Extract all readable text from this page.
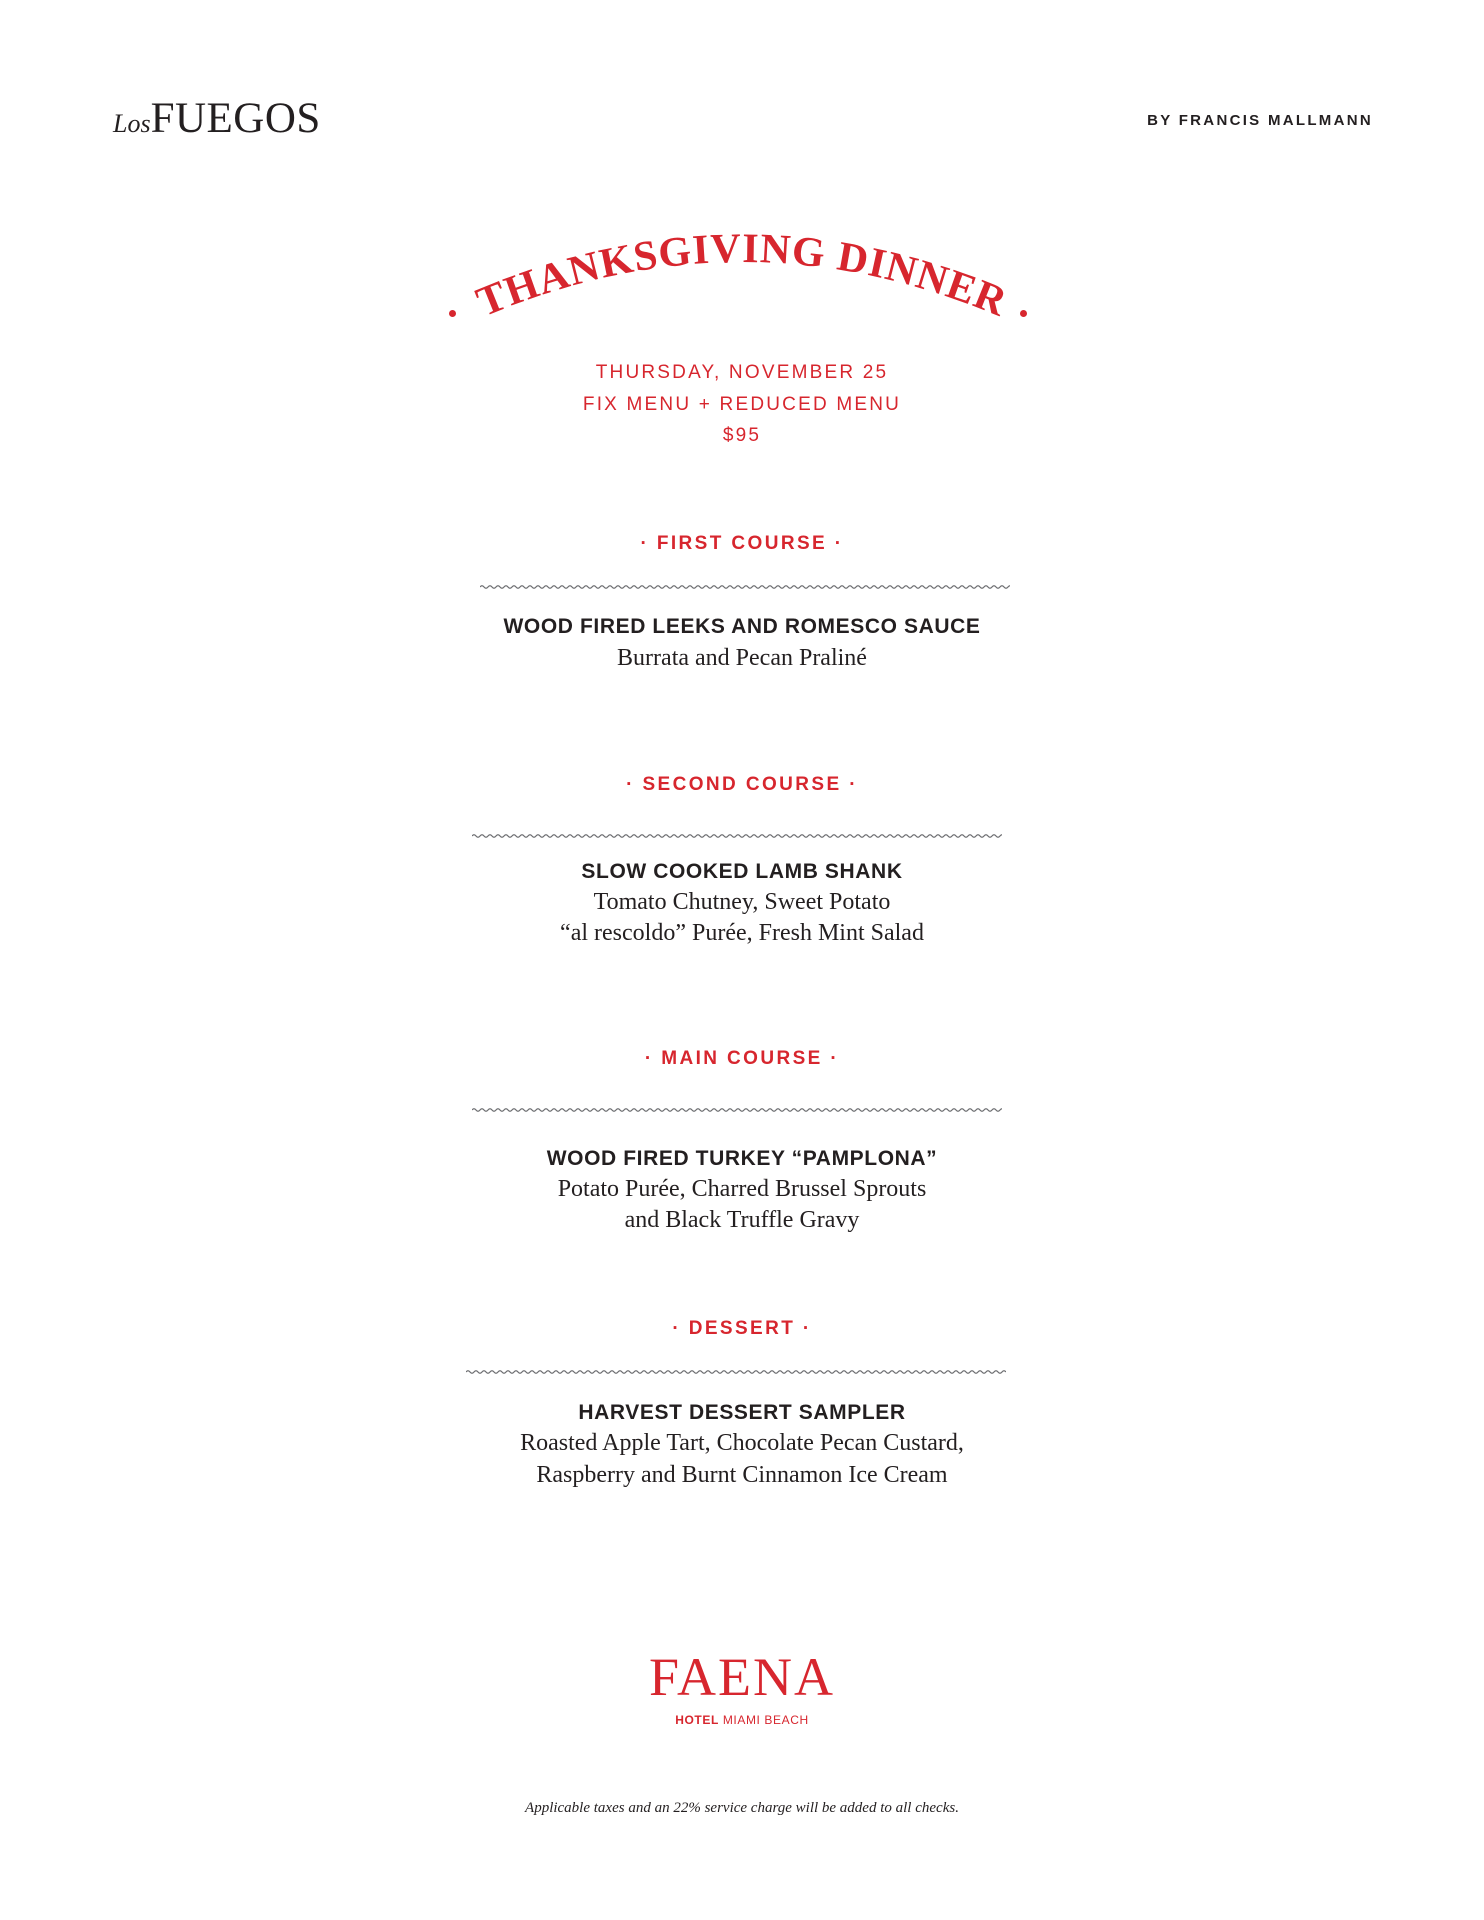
LosFUEGOS	BY FRANCIS MALLMANN
THANKSGIVING DINNER
THURSDAY, NOVEMBER 25
FIX MENU + REDUCED MENU
$95
· FIRST COURSE ·
WOOD FIRED LEEKS AND ROMESCO SAUCE
Burrata and Pecan Praliné
· SECOND COURSE ·
SLOW COOKED LAMB SHANK
Tomato Chutney, Sweet Potato
“al rescoldo” Purée, Fresh Mint Salad
· MAIN COURSE ·
WOOD FIRED TURKEY “PAMPLONA”
Potato Purée, Charred Brussel Sprouts
and Black Truffle Gravy
· DESSERT ·
HARVEST DESSERT SAMPLER
Roasted Apple Tart, Chocolate Pecan Custard,
Raspberry and Burnt Cinnamon Ice Cream
FAENA
HOTEL MIAMI BEACH
Applicable taxes and an 22% service charge will be added to all checks.
